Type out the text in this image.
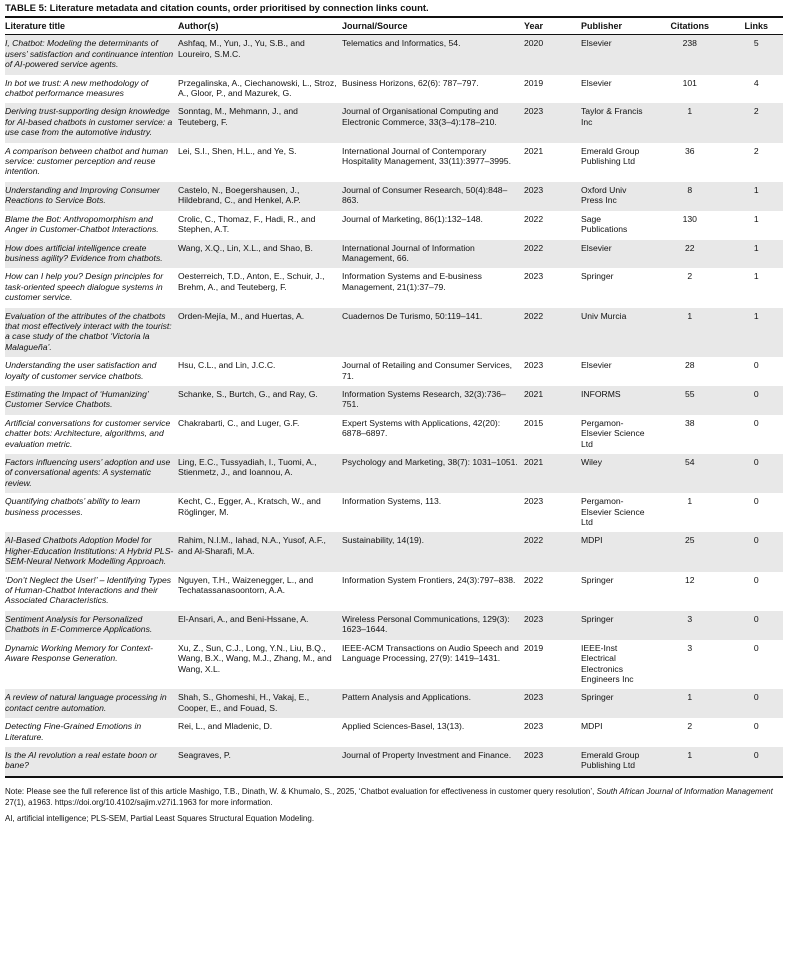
TABLE 5: Literature metadata and citation counts, order prioritised by connection links count.
Literature title	Author(s)	Journal/Source	Year	Publisher	Citations	Links
I, Chatbot: Modeling the determinants of users’ satisfaction and continuance intention of AI-powered service agents.	Ashfaq, M., Yun, J., Yu, S.B., and Loureiro, S.M.C.	Telematics and Informatics, 54.	2020	Elsevier	238	5
In bot we trust: A new methodology of chatbot performance measures	Przegalinska, A., Ciechanowski, L., Stroz, A., Gloor, P., and Mazurek, G.	Business Horizons, 62(6): 787–797.	2019	Elsevier	101	4
Deriving trust-supporting design knowledge for AI-based chatbots in customer service: a use case from the automotive industry.	Sonntag, M., Mehmann, J., and Teuteberg, F.	Journal of Organisational Computing and Electronic Commerce, 33(3–4):178–210.	2023	Taylor & Francis Inc	1	2
A comparison between chatbot and human service: customer perception and reuse intention.	Lei, S.I., Shen, H.L., and Ye, S.	International Journal of Contemporary Hospitality Management, 33(11):3977–3995.	2021	Emerald Group Publishing Ltd	36	2
Understanding and Improving Consumer Reactions to Service Bots.	Castelo, N., Boegershausen, J., Hildebrand, C., and Henkel, A.P.	Journal of Consumer Research, 50(4):848–863.	2023	Oxford Univ Press Inc	8	1
Blame the Bot: Anthropomorphism and Anger in Customer-Chatbot Interactions.	Crolic, C., Thomaz, F., Hadi, R., and Stephen, A.T.	Journal of Marketing, 86(1):132–148.	2022	Sage Publications	130	1
How does artificial intelligence create business agility? Evidence from chatbots.	Wang, X.Q., Lin, X.L., and Shao, B.	International Journal of Information Management, 66.	2022	Elsevier	22	1
How can I help you? Design principles for task-oriented speech dialogue systems in customer service.	Oesterreich, T.D., Anton, E., Schuir, J., Brehm, A., and Teuteberg, F.	Information Systems and E-business Management, 21(1):37–79.	2023	Springer	2	1
Evaluation of the attributes of the chatbots that most effectively interact with the tourist: a case study of the chatbot ‘Victoria la Malagueña’.	Orden-Mejía, M., and Huertas, A.	Cuadernos De Turismo, 50:119–141.	2022	Univ Murcia	1	1
Understanding the user satisfaction and loyalty of customer service chatbots.	Hsu, C.L., and Lin, J.C.C.	Journal of Retailing and Consumer Services, 71.	2023	Elsevier	28	0
Estimating the Impact of ‘Humanizing’ Customer Service Chatbots.	Schanke, S., Burtch, G., and Ray, G.	Information Systems Research, 32(3):736–751.	2021	INFORMS	55	0
Artificial conversations for customer service chatter bots: Architecture, algorithms, and evaluation metric.	Chakrabarti, C., and Luger, G.F.	Expert Systems with Applications, 42(20): 6878–6897.	2015	Pergamon-Elsevier Science Ltd	38	0
Factors influencing users’ adoption and use of conversational agents: A systematic review.	Ling, E.C., Tussyadiah, I., Tuomi, A., Stienmetz, J., and Ioannou, A.	Psychology and Marketing, 38(7): 1031–1051.	2021	Wiley	54	0
Quantifying chatbots’ ability to learn business processes.	Kecht, C., Egger, A., Kratsch, W., and Röglinger, M.	Information Systems, 113.	2023	Pergamon-Elsevier Science Ltd	1	0
AI-Based Chatbots Adoption Model for Higher-Education Institutions: A Hybrid PLS-SEM-Neural Network Modelling Approach.	Rahim, N.I.M., Iahad, N.A., Yusof, A.F., and Al-Sharafi, M.A.	Sustainability, 14(19).	2022	MDPI	25	0
‘Don’t Neglect the User!’ – Identifying Types of Human-Chatbot Interactions and their Associated Characteristics.	Nguyen, T.H., Waizenegger, L., and Techatassanasoontorn, A.A.	Information System Frontiers, 24(3):797–838.	2022	Springer	12	0
Sentiment Analysis for Personalized Chatbots in E-Commerce Applications.	El-Ansari, A., and Beni-Hssane, A.	Wireless Personal Communications, 129(3): 1623–1644.	2023	Springer	3	0
Dynamic Working Memory for Context-Aware Response Generation.	Xu, Z., Sun, C.J., Long, Y.N., Liu, B.Q., Wang, B.X., Wang, M.J., Zhang, M., and Wang, X.L.	IEEE-ACM Transactions on Audio Speech and Language Processing, 27(9): 1419–1431.	2019	IEEE-Inst Electrical Electronics Engineers Inc	3	0
A review of natural language processing in contact centre automation.	Shah, S., Ghomeshi, H., Vakaj, E., Cooper, E., and Fouad, S.	Pattern Analysis and Applications.	2023	Springer	1	0
Detecting Fine-Grained Emotions in Literature.	Rei, L., and Mladenic, D.	Applied Sciences-Basel, 13(13).	2023	MDPI	2	0
Is the AI revolution a real estate boon or bane?	Seagraves, P.	Journal of Property Investment and Finance.	2023	Emerald Group Publishing Ltd	1	0
Note: Please see the full reference list of this article Mashigo, T.B., Dinath, W. & Khumalo, S., 2025, ‘Chatbot evaluation for effectiveness in customer query resolution’, South African Journal of Information Management 27(1), a1963. https://doi.org/10.4102/sajim.v27i1.1963 for more information.
AI, artificial intelligence; PLS-SEM, Partial Least Squares Structural Equation Modeling.
